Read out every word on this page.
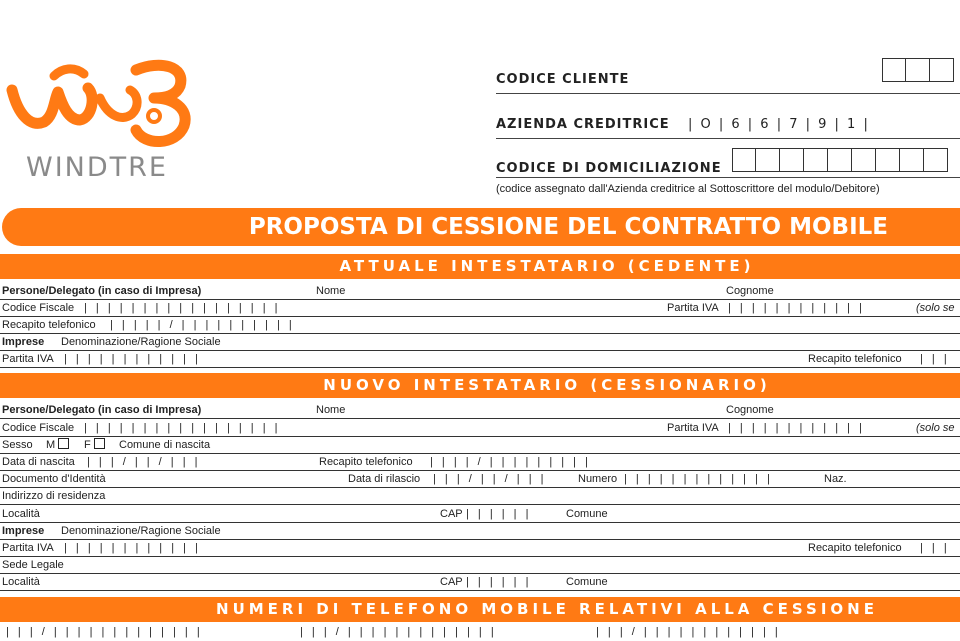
WINDTRE
CODICE CLIENTE
AZIENDA CREDITRICE | O | 6 | 6 | 7 | 9 | 1 |
CODICE DI DOMICILIAZIONE
(codice assegnato dall'Azienda creditrice al Sottoscrittore del modulo/Debitore)
PROPOSTA DI CESSIONE DEL CONTRATTO MOBILE
ATTUALE INTESTATARIO (CEDENTE)
Persone/Delegato (in caso di Impresa)	Nome	Cognome
Codice Fiscale | | | | | | | | | | | | | | | | |	Partita IVA | | | | | | | | | | | |	(solo se
Recapito telefonico | | | | | / | | | | | | | | | |
Imprese Denominazione/Ragione Sociale
Partita IVA | | | | | | | | | | | |	Recapito telefonico | | |
NUOVO INTESTATARIO (CESSIONARIO)
Persone/Delegato (in caso di Impresa)	Nome	Cognome
Codice Fiscale | | | | | | | | | | | | | | | | |	Partita IVA | | | | | | | | | | | |	(solo se
Sesso M	F	Comune di nascita
Data di nascita | | | / | | / | | |	Recapito telefonico | | | | / | | | | | | | | |
Documento d'Identità	Data di rilascio | | | / | | / | | |	Numero | | | | | | | | | | | | |	Naz.
Indirizzo di residenza
Località	CAP | | | | | |	Comune
Imprese Denominazione/Ragione Sociale
Partita IVA | | | | | | | | | | | |	Recapito telefonico | | |
Sede Legale
Località	CAP | | | | | |	Comune
NUMERI DI TELEFONO MOBILE RELATIVI ALLA CESSIONE
| | | / | | | | | | | | | | | | |	| | | / | | | | | | | | | | | | |	| | | / | | | | | | | | | | | |
